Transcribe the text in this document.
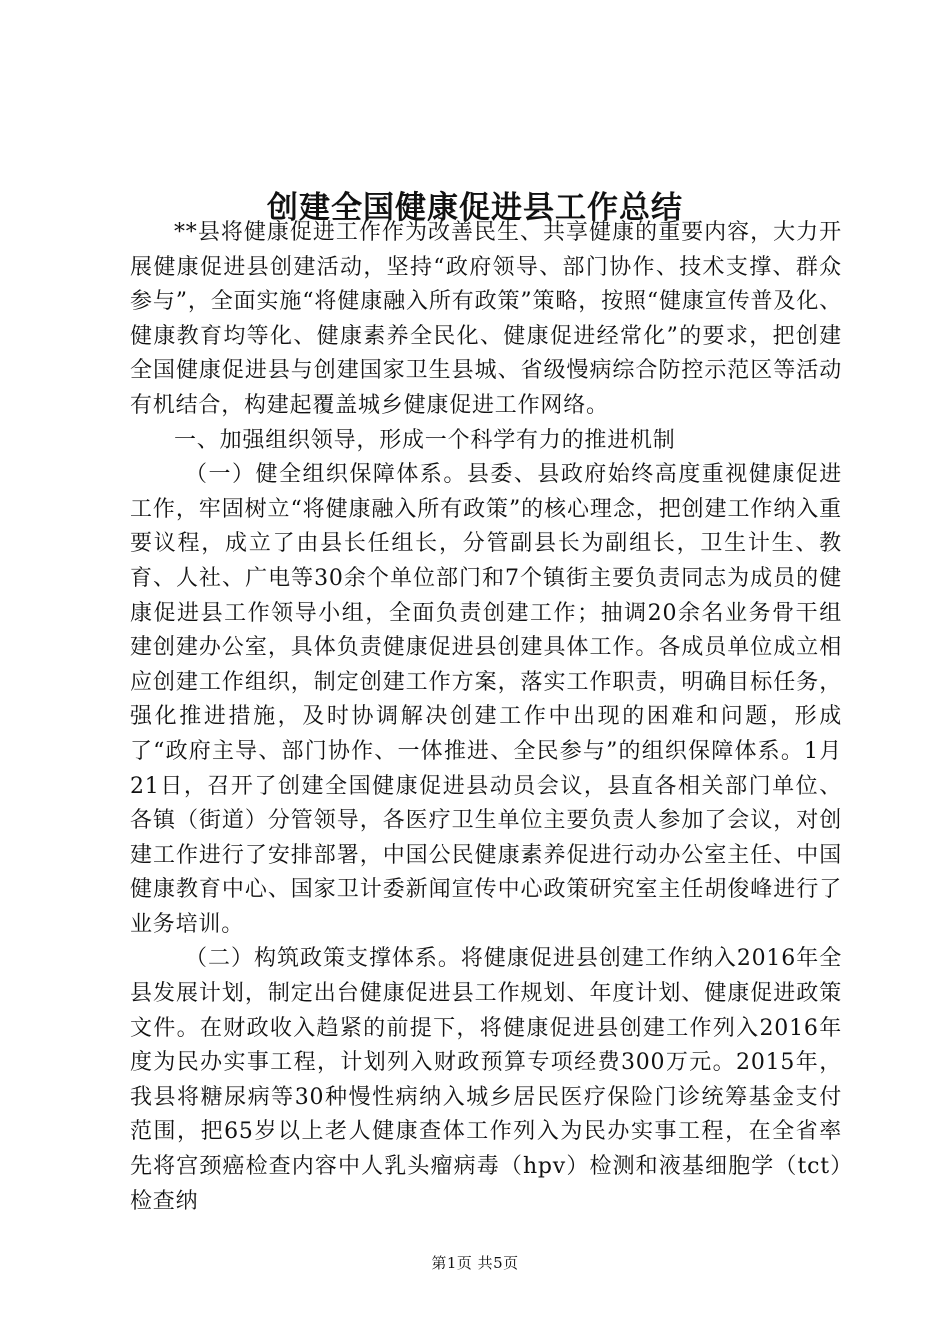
创建全国健康促进县工作总结

**县将健康促进工作作为改善民生、共享健康的重要内容，大力开展健康促进县创建活动，坚持“政府领导、部门协作、技术支撑、群众参与”，全面实施“将健康融入所有政策”策略，按照“健康宣传普及化、健康教育均等化、健康素养全民化、健康促进经常化”的要求，把创建全国健康促进县与创建国家卫生县城、省级慢病综合防控示范区等活动有机结合，构建起覆盖城乡健康促进工作网络。

一、加强组织领导，形成一个科学有力的推进机制

（一）健全组织保障体系。县委、县政府始终高度重视健康促进工作，牢固树立“将健康融入所有政策”的核心理念，把创建工作纳入重要议程，成立了由县长任组长，分管副县长为副组长，卫生计生、教育、人社、广电等30余个单位部门和7个镇街主要负责同志为成员的健康促进县工作领导小组，全面负责创建工作；抽调20余名业务骨干组建创建办公室，具体负责健康促进县创建具体工作。各成员单位成立相应创建工作组织，制定创建工作方案，落实工作职责，明确目标任务，强化推进措施，及时协调解决创建工作中出现的困难和问题，形成了“政府主导、部门协作、一体推进、全民参与”的组织保障体系。1月21日，召开了创建全国健康促进县动员会议，县直各相关部门单位、各镇（街道）分管领导，各医疗卫生单位主要负责人参加了会议，对创建工作进行了安排部署，中国公民健康素养促进行动办公室主任、中国健康教育中心、国家卫计委新闻宣传中心政策研究室主任胡俊峰进行了业务培训。

（二）构筑政策支撑体系。将健康促进县创建工作纳入2016年全县发展计划，制定出台健康促进县工作规划、年度计划、健康促进政策文件。在财政收入趋紧的前提下，将健康促进县创建工作列入2016年度为民办实事工程，计划列入财政预算专项经费300万元。2015年，我县将糖尿病等30种慢性病纳入城乡居民医疗保险门诊统筹基金支付范围，把65岁以上老人健康查体工作列入为民办实事工程，在全省率先将宫颈癌检查内容中人乳头瘤病毒（hpv）检测和液基细胞学（tct）检查纳

第1页 共5页
